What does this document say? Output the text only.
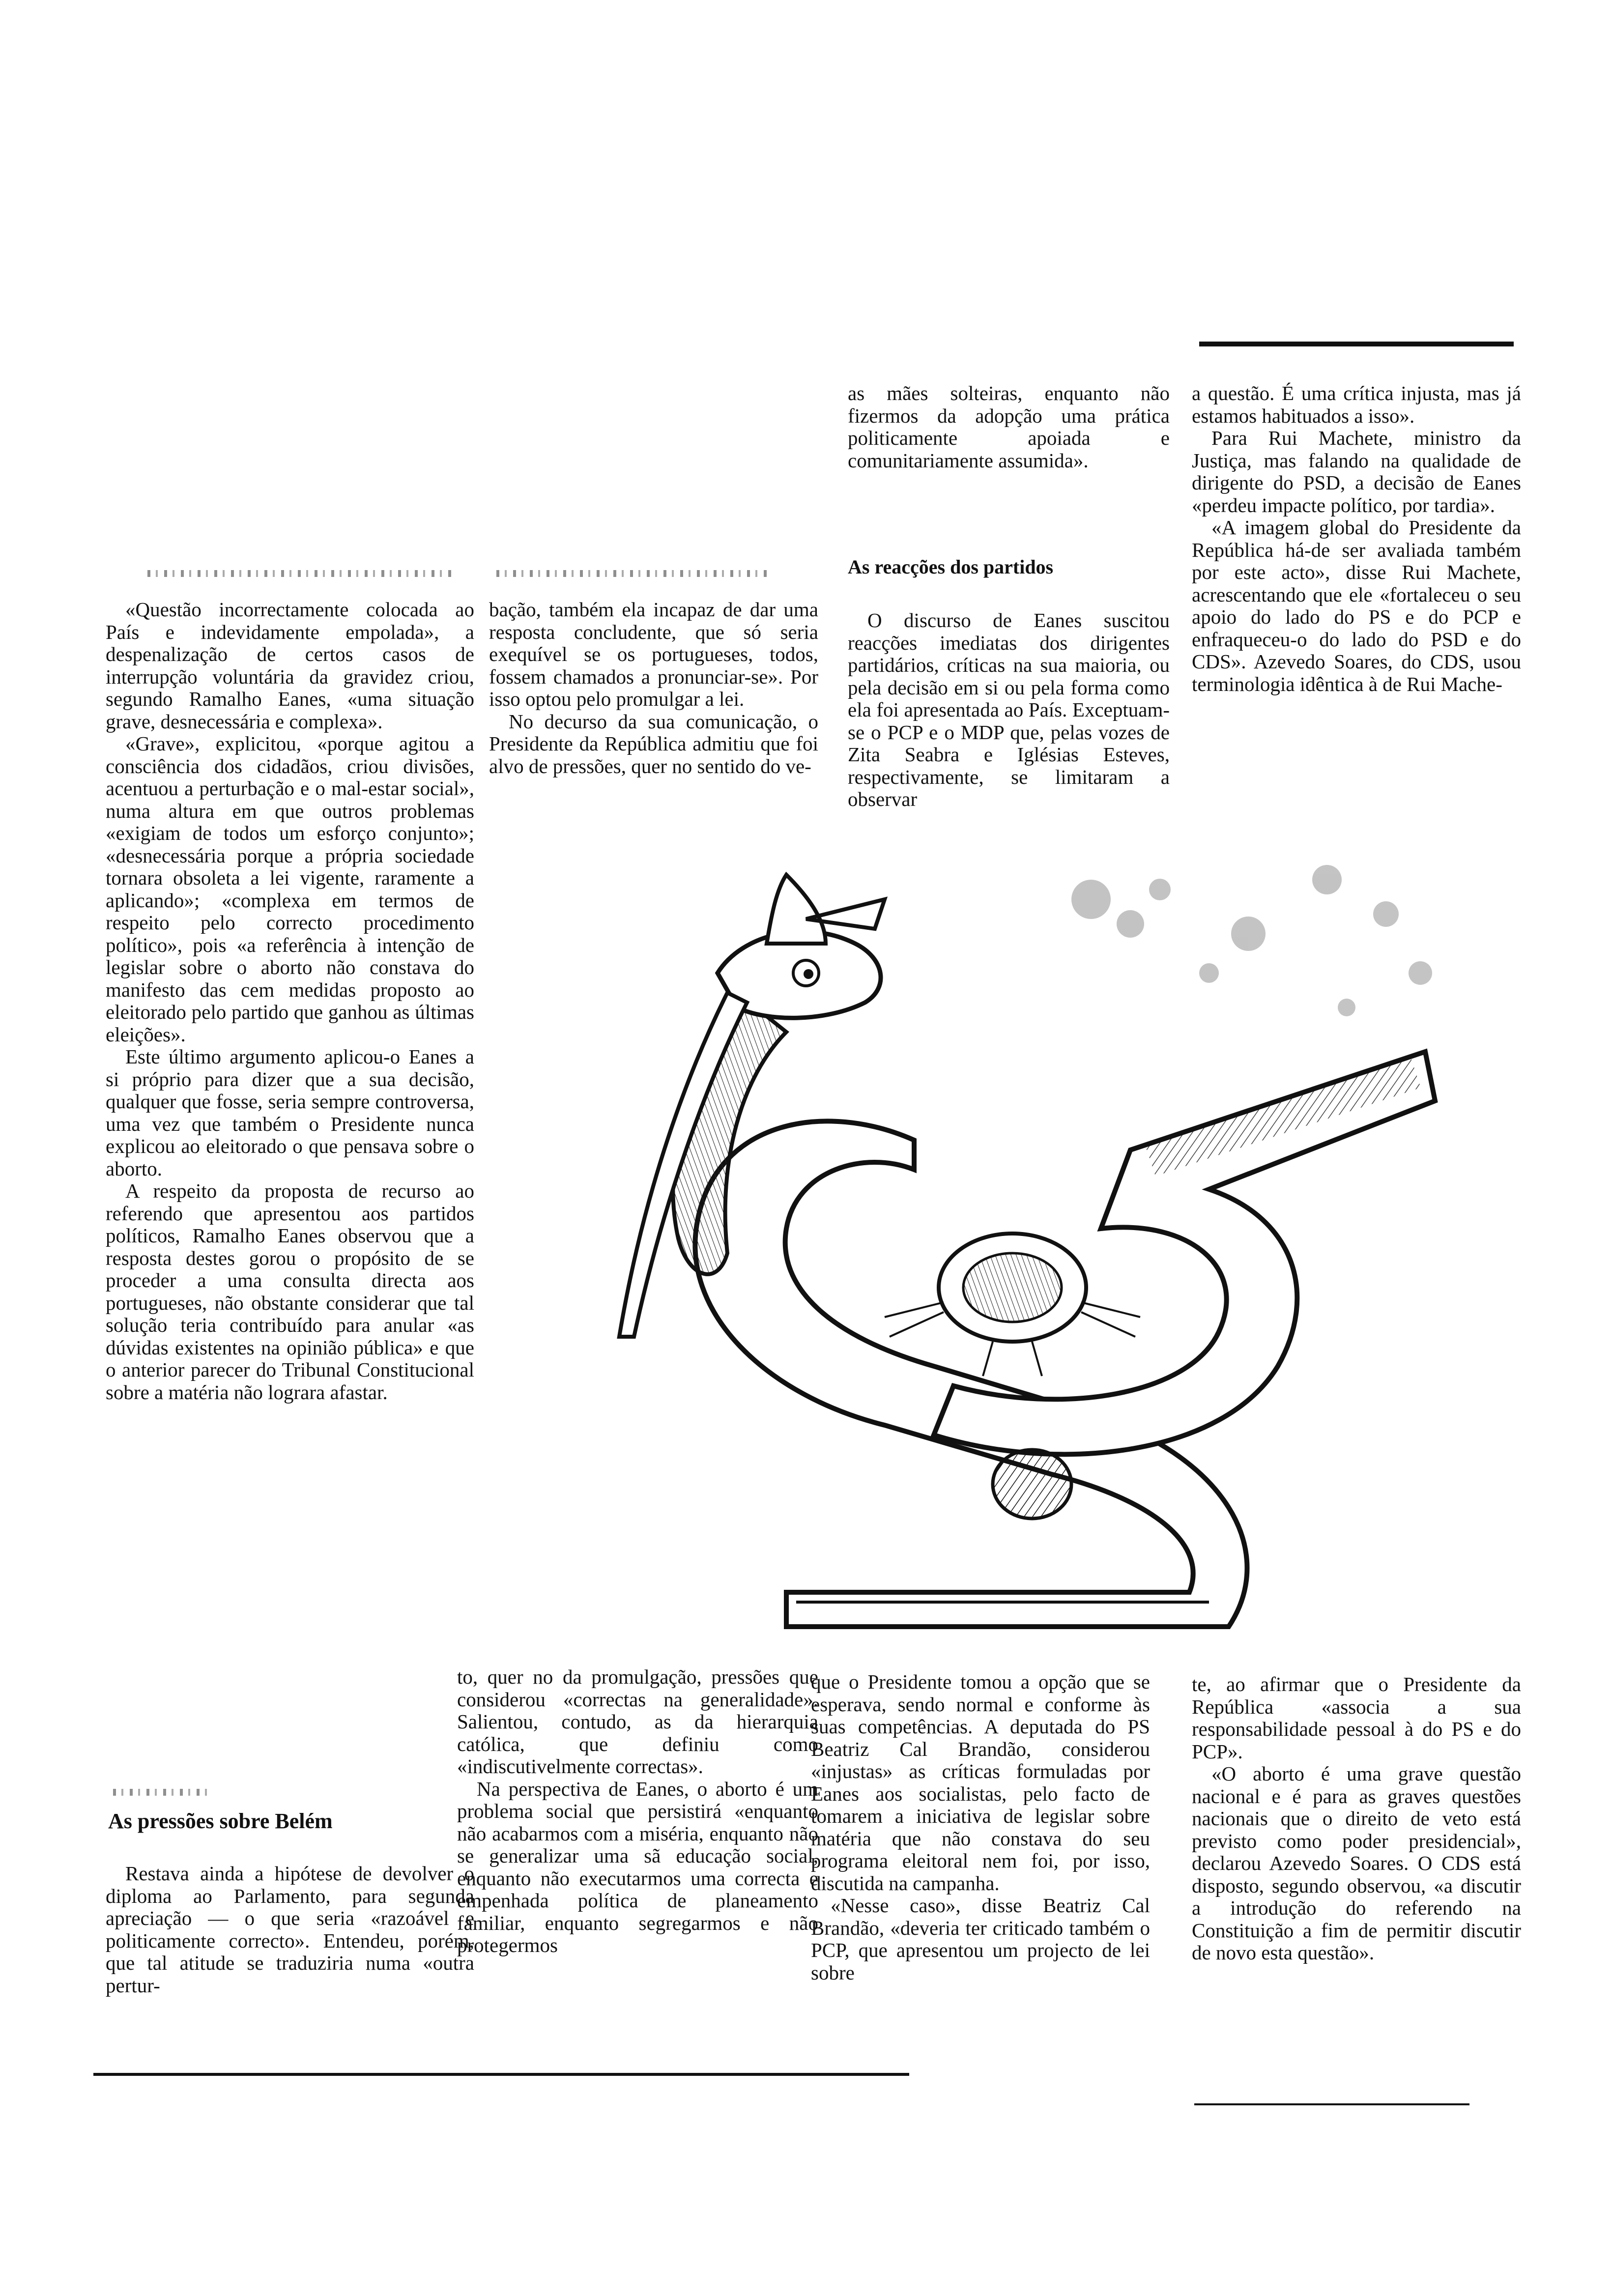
«Questão incorrectamente colocada ao País e indevidamente empolada», a despenalização de certos casos de interrupção voluntária da gravidez criou, segundo Ramalho Eanes, «uma situação grave, desnecessária e complexa».

«Grave», explicitou, «porque agitou a consciência dos cidadãos, criou divisões, acentuou a perturbação e o mal-estar social», numa altura em que outros problemas «exigiam de todos um esforço conjunto»; «desnecessária porque a própria sociedade tornara obsoleta a lei vigente, raramente a aplicando»; «complexa em termos de respeito pelo correcto procedimento político», pois «a referência à intenção de legislar sobre o aborto não constava do manifesto das cem medidas proposto ao eleitorado pelo partido que ganhou as últimas eleições».

Este último argumento aplicou-o Eanes a si próprio para dizer que a sua decisão, qualquer que fosse, seria sempre controversa, uma vez que também o Presidente nunca explicou ao eleitorado o que pensava sobre o aborto.

A respeito da proposta de recurso ao referendo que apresentou aos partidos políticos, Ramalho Eanes observou que a resposta destes gorou o propósito de se proceder a uma consulta directa aos portugueses, não obstante considerar que tal solução teria contribuído para anular «as dúvidas existentes na opinião pública» e que o anterior parecer do Tribunal Constitucional sobre a matéria não lograra afastar.

As pressões sobre Belém

Restava ainda a hipótese de devolver o diploma ao Parlamento, para segunda apreciação — o que seria «razoável e politicamente correcto». Entendeu, porém, que tal atitude se traduziria numa «outra pertur-

bação, também ela incapaz de dar uma resposta concludente, que só seria exequível se os portugueses, todos, fossem chamados a pronunciar-se». Por isso optou pelo promulgar a lei.

No decurso da sua comunicação, o Presidente da República admitiu que foi alvo de pressões, quer no sentido do ve-

as mães solteiras, enquanto não fizermos da adopção uma prática politicamente apoiada e comunitariamente assumida».

As reacções dos partidos

O discurso de Eanes suscitou reacções imediatas dos dirigentes partidários, críticas na sua maioria, ou pela decisão em si ou pela forma como ela foi apresentada ao País. Exceptuam-se o PCP e o MDP que, pelas vozes de Zita Seabra e Iglésias Esteves, respectivamente, se limitaram a observar

a questão. É uma crítica injusta, mas já estamos habituados a isso».

Para Rui Machete, ministro da Justiça, mas falando na qualidade de dirigente do PSD, a decisão de Eanes «perdeu impacte político, por tardia».

«A imagem global do Presidente da República há-de ser avaliada também por este acto», disse Rui Machete, acrescentando que ele «fortaleceu o seu apoio do lado do PS e do PCP e enfraqueceu-o do lado do PSD e do CDS». Azevedo Soares, do CDS, usou terminologia idêntica à de Rui Mache-

to, quer no da promulgação, pressões que considerou «correctas na generalidade». Salientou, contudo, as da hierarquia católica, que definiu como «indiscutivelmente correctas».

Na perspectiva de Eanes, o aborto é um problema social que persistirá «enquanto não acabarmos com a miséria, enquanto não se generalizar uma sã educação social, enquanto não executarmos uma correcta e empenhada política de planeamento familiar, enquanto segregarmos e não protegermos

que o Presidente tomou a opção que se esperava, sendo normal e conforme às suas competências. A deputada do PS Beatriz Cal Brandão, considerou «injustas» as críticas formuladas por Eanes aos socialistas, pelo facto de tomarem a iniciativa de legislar sobre matéria que não constava do seu programa eleitoral nem foi, por isso, discutida na campanha.

«Nesse caso», disse Beatriz Cal Brandão, «deveria ter criticado também o PCP, que apresentou um projecto de lei sobre

te, ao afirmar que o Presidente da República «associa a sua responsabilidade pessoal à do PS e do PCP».

«O aborto é uma grave questão nacional e é para as graves questões nacionais que o direito de veto está previsto como poder presidencial», declarou Azevedo Soares. O CDS está disposto, segundo observou, «a discutir a introdução do referendo na Constituição a fim de permitir discutir de novo esta questão».
